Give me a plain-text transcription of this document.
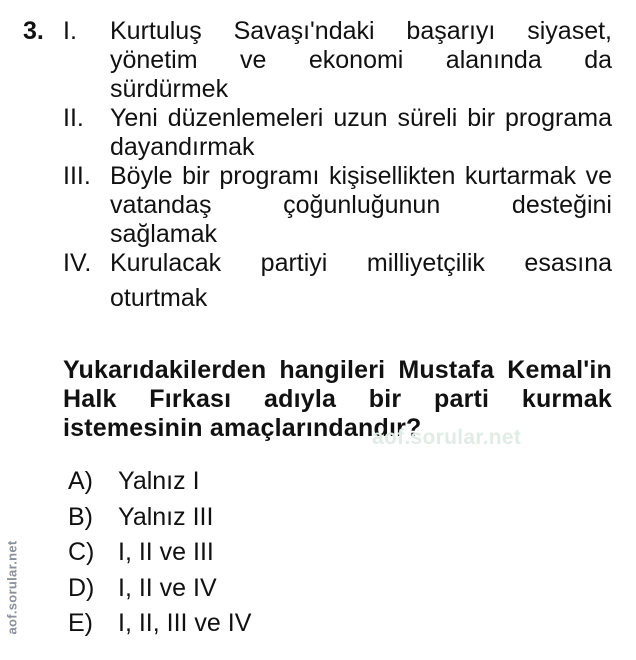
3. I. Kurtuluş Savaşı'ndaki başarıyı siyaset, yönetim ve ekonomi alanında da
sürdürmek
II. Yeni düzenlemeleri uzun süreli bir programa dayandırmak
III. Böyle bir programı kişisellikten kurtarmak ve vatandaş çoğunluğunun desteğini
sağlamak
IV. Kurulacak partiyi milliyetçilik esasına
oturtmak
Yukarıdakilerden hangileri Mustafa Kemal'in Halk Fırkası adıyla bir parti kurmak istemesinin amaçlarındandır?
aof.sorular.net
A)	Yalnız I
B)	Yalnız III
C) I, II ve III
D) I, II ve IV
E)	I, II, III ve IV
aof.sorular.net
